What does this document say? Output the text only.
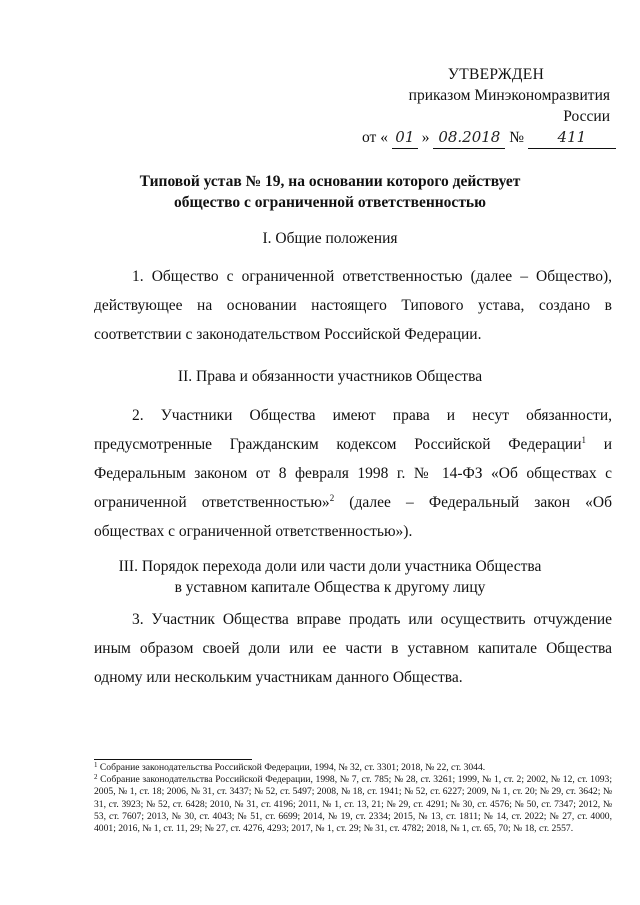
УТВЕРЖДЕН
приказом Минэкономразвития России
от « 01 » 08.2018 № 411
Типовой устав № 19, на основании которого действует
общество с ограниченной ответственностью
I. Общие положения
1. Общество с ограниченной ответственностью (далее – Общество), действующее на основании настоящего Типового устава, создано в соответствии с законодательством Российской Федерации.
II. Права и обязанности участников Общества
2. Участники Общества имеют права и несут обязанности, предусмотренные Гражданским кодексом Российской Федерации$^1$ и Федеральным законом от 8 февраля 1998 г. № 14-ФЗ «Об обществах с ограниченной ответственностью»$^2$ (далее – Федеральный закон «Об обществах с ограниченной ответственностью»).
III. Порядок перехода доли или части доли участника Общества
в уставном капитале Общества к другому лицу
3. Участник Общества вправе продать или осуществить отчуждение иным образом своей доли или ее части в уставном капитале Общества одному или нескольким участникам данного Общества.

$^1$ Собрание законодательства Российской Федерации, 1994, № 32, ст. 3301; 2018, № 22, ст. 3044.

$^2$ Собрание законодательства Российской Федерации, 1998, № 7, ст. 785; № 28, ст. 3261; 1999, № 1, ст. 2; 2002, № 12, ст. 1093; 2005, № 1, ст. 18; 2006, № 31, ст. 3437; № 52, ст. 5497; 2008, № 18, ст. 1941; № 52, ст. 6227; 2009, № 1, ст. 20; № 29, ст. 3642; № 31, ст. 3923; № 52, ст. 6428; 2010, № 31, ст. 4196; 2011, № 1, ст. 13, 21; № 29, ст. 4291; № 30, ст. 4576; № 50, ст. 7347; 2012, № 53, ст. 7607; 2013, № 30, ст. 4043; № 51, ст. 6699; 2014, № 19, ст. 2334; 2015, № 13, ст. 1811; № 14, ст. 2022; № 27, ст. 4000, 4001; 2016, № 1, ст. 11, 29; № 27, ст. 4276, 4293; 2017, № 1, ст. 29; № 31, ст. 4782; 2018, № 1, ст. 65, 70; № 18, ст. 2557.
